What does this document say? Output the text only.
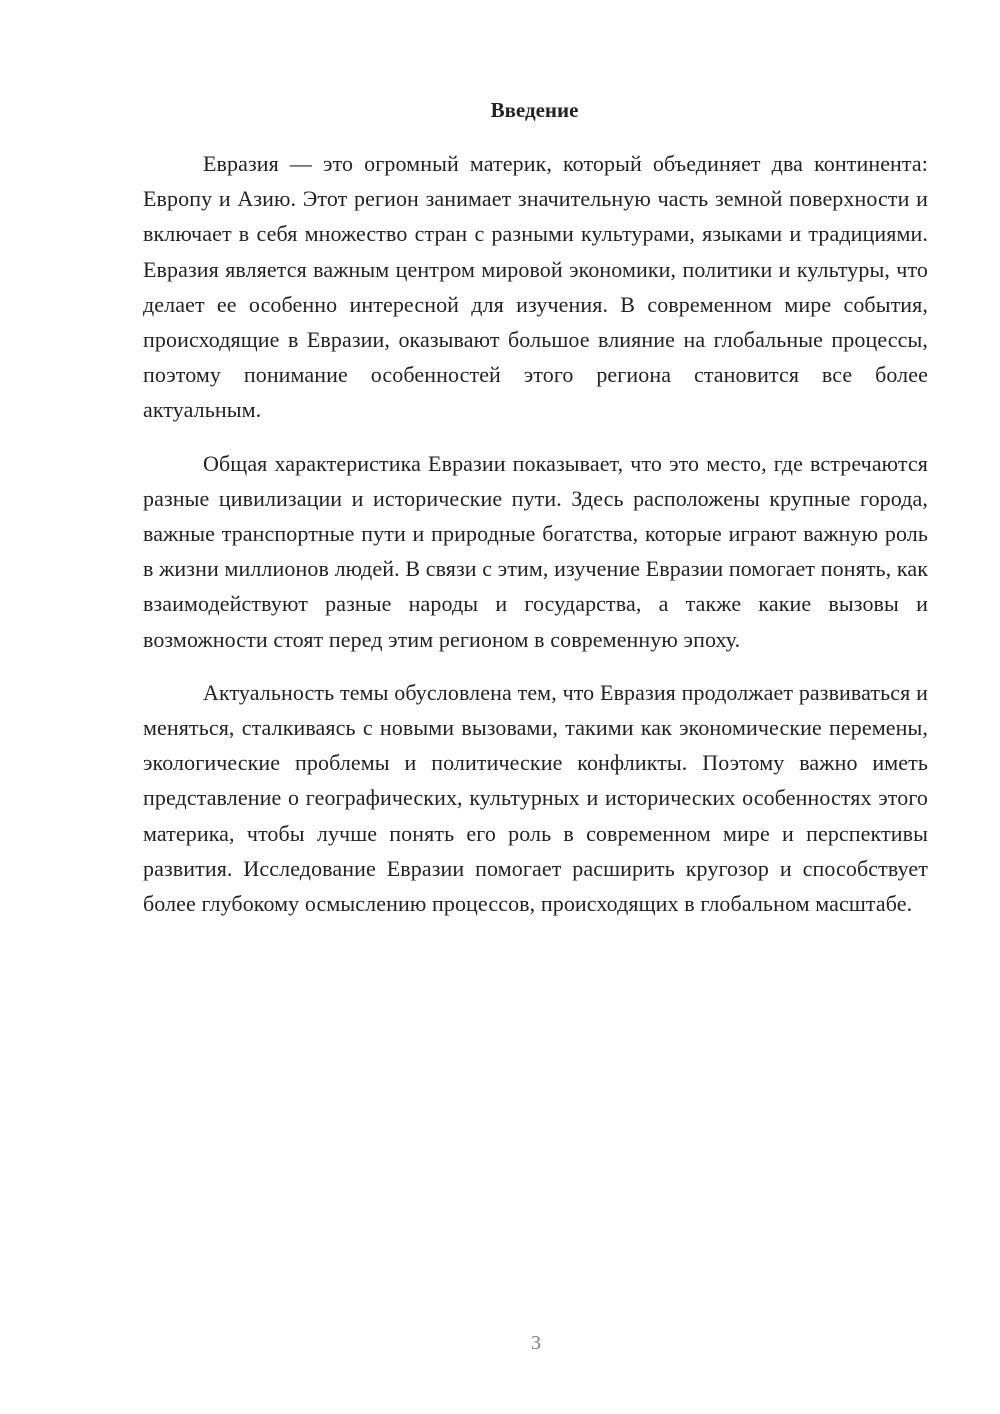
Введение

Евразия — это огромный материк, который объединяет два континента: Европу и Азию. Этот регион занимает значительную часть земной поверхности и включает в себя множество стран с разными культурами, языками и традициями. Евразия является важным центром мировой экономики, политики и культуры, что делает ее особенно интересной для изучения. В современном мире события, происходящие в Евразии, оказывают большое влияние на глобальные процессы, поэтому понимание особенностей этого региона становится все более актуальным.

Общая характеристика Евразии показывает, что это место, где встречаются разные цивилизации и исторические пути. Здесь расположены крупные города, важные транспортные пути и природные богатства, которые играют важную роль в жизни миллионов людей. В связи с этим, изучение Евразии помогает понять, как взаимодействуют разные народы и государства, а также какие вызовы и возможности стоят перед этим регионом в современную эпоху.

Актуальность темы обусловлена тем, что Евразия продолжает развиваться и меняться, сталкиваясь с новыми вызовами, такими как экономические перемены, экологические проблемы и политические конфликты. Поэтому важно иметь представление о географических, культурных и исторических особенностях этого материка, чтобы лучше понять его роль в современном мире и перспективы развития. Исследование Евразии помогает расширить кругозор и способствует более глубокому осмыслению процессов, происходящих в глобальном масштабе.

3
